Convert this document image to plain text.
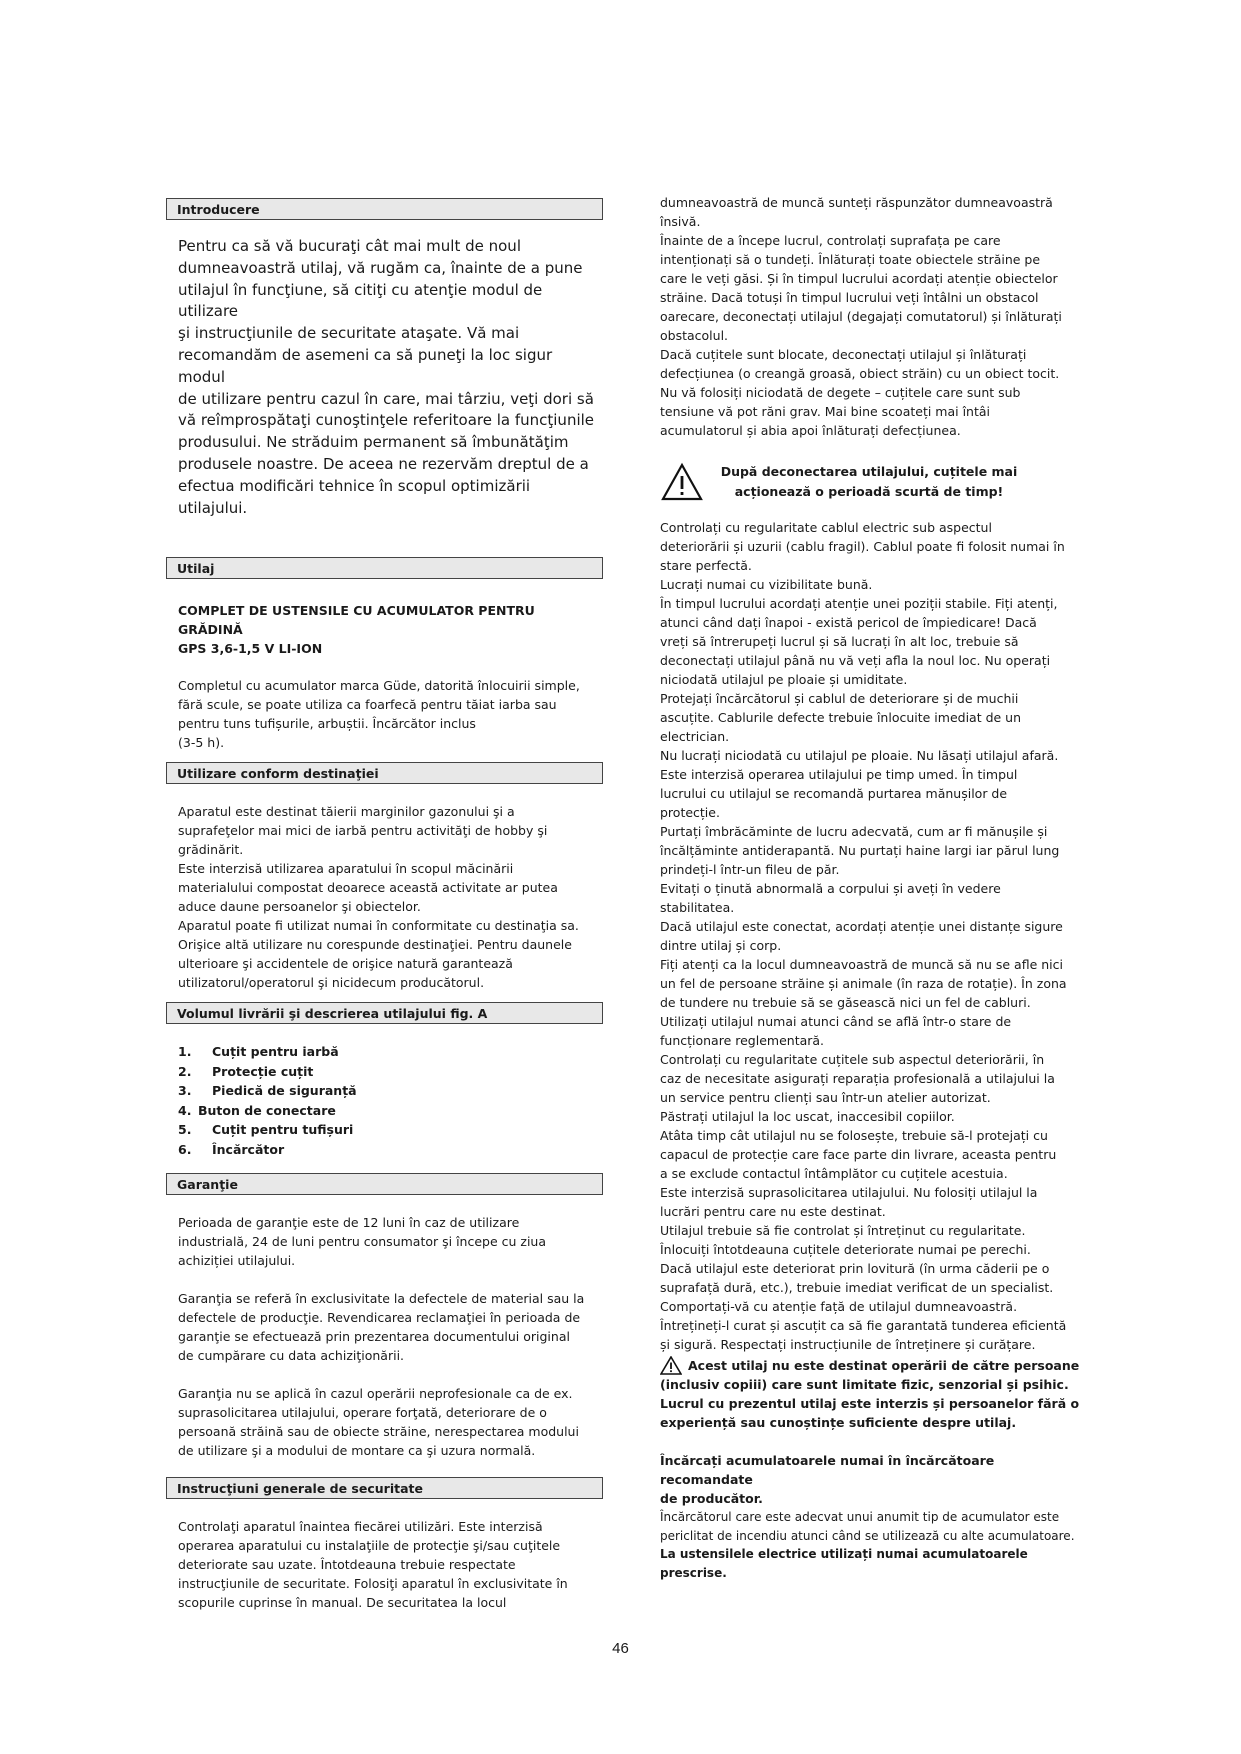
Introducere

Pentru ca să vă bucuraţi cât mai mult de noul
dumneavoastră utilaj, vă rugăm ca, înainte de a pune
utilajul în funcţiune, să citiţi cu atenţie modul de utilizare
şi instrucţiunile de securitate ataşate. Vă mai
recomandăm de asemeni ca să puneţi la loc sigur modul
de utilizare pentru cazul în care, mai târziu, veţi dori să
vă reîmprospătaţi cunoştinţele referitoare la funcţiunile
produsului. Ne străduim permanent să îmbunătăţim
produsele noastre. De aceea ne rezervăm dreptul de a
efectua modificări tehnice în scopul optimizării utilajului.

Utilaj

COMPLET DE USTENSILE CU ACUMULATOR PENTRU GRĂDINĂ
GPS 3,6-1,5 V LI-ION

Completul cu acumulator marca Güde, datorită înlocuirii simple,
fără scule, se poate utiliza ca foarfecă pentru tăiat iarba sau
pentru tuns tufișurile, arbuștii. Încărcător inclus
(3-5 h).

Utilizare conform destinaţiei

Aparatul este destinat tăierii marginilor gazonului şi a
suprafeţelor mai mici de iarbă pentru activităţi de hobby şi
grădinărit.
Este interzisă utilizarea aparatului în scopul măcinării
materialului compostat deoarece această activitate ar putea
aduce daune persoanelor şi obiectelor.
Aparatul poate fi utilizat numai în conformitate cu destinaţia sa.
Orişice altă utilizare nu corespunde destinaţiei. Pentru daunele
ulterioare şi accidentele de orişice natură garantează
utilizatorul/operatorul şi nicidecum producătorul.

Volumul livrării şi descrierea utilajului fig. A
1. Cuțit pentru iarbă
2. Protecție cuțit
3. Piedică de siguranță
4. Buton de conectare
5. Cuțit pentru tufișuri
6. Încărcător
Garanţie

Perioada de garanţie este de 12 luni în caz de utilizare
industrială, 24 de luni pentru consumator şi începe cu ziua
achiziției utilajului.

Garanţia se referă în exclusivitate la defectele de material sau la
defectele de producţie. Revendicarea reclamaţiei în perioada de
garanţie se efectuează prin prezentarea documentului original
de cumpărare cu data achiziţionării.

Garanţia nu se aplică în cazul operării neprofesionale ca de ex.
suprasolicitarea utilajului, operare forţată, deteriorare de o
persoană străină sau de obiecte străine, nerespectarea modului
de utilizare şi a modului de montare ca şi uzura normală.

Instrucţiuni generale de securitate

Controlaţi aparatul înaintea fiecărei utilizări. Este interzisă
operarea aparatului cu instalaţiile de protecţie şi/sau cuţitele
deteriorate sau uzate. Întotdeauna trebuie respectate
instrucţiunile de securitate. Folosiţi aparatul în exclusivitate în
scopurile cuprinse în manual. De securitatea la locul

dumneavoastră de muncă sunteți răspunzător dumneavoastră
însivă.
Înainte de a începe lucrul, controlați suprafața pe care
intenționați să o tundeți. Înlăturați toate obiectele străine pe
care le veți găsi. Și în timpul lucrului acordați atenție obiectelor
străine. Dacă totuși în timpul lucrului veți întâlni un obstacol
oarecare, deconectați utilajul (degajați comutatorul) și înlăturați
obstacolul.
Dacă cuțitele sunt blocate, deconectați utilajul și înlăturați
defecțiunea (o creangă groasă, obiect străin) cu un obiect tocit.
Nu vă folosiți niciodată de degete – cuțitele care sunt sub
tensiune vă pot răni grav. Mai bine scoateți mai întâi
acumulatorul și abia apoi înlăturați defecțiunea.

După deconectarea utilajului, cuțitele mai
acționează o perioadă scurtă de timp!

Controlați cu regularitate cablul electric sub aspectul
deteriorării și uzurii (cablu fragil). Cablul poate fi folosit numai în
stare perfectă.
Lucrați numai cu vizibilitate bună.
În timpul lucrului acordați atenție unei poziții stabile. Fiți atenți,
atunci când dați înapoi - există pericol de împiedicare! Dacă
vreți să întrerupeți lucrul și să lucrați în alt loc, trebuie să
deconectați utilajul până nu vă veți afla la noul loc. Nu operați
niciodată utilajul pe ploaie și umiditate.
Protejați încărcătorul și cablul de deteriorare și de muchii
ascuțite. Cablurile defecte trebuie înlocuite imediat de un
electrician.
Nu lucrați niciodată cu utilajul pe ploaie. Nu lăsați utilajul afară.
Este interzisă operarea utilajului pe timp umed. În timpul
lucrului cu utilajul se recomandă purtarea mănușilor de
protecție.
Purtați îmbrăcăminte de lucru adecvată, cum ar fi mănușile și
încălțăminte antiderapantă. Nu purtați haine largi iar părul lung
prindeți-l într-un fileu de păr.
Evitați o ținută abnormală a corpului și aveți în vedere
stabilitatea.
Dacă utilajul este conectat, acordați atenție unei distanțe sigure
dintre utilaj și corp.
Fiți atenți ca la locul dumneavoastră de muncă să nu se afle nici
un fel de persoane străine și animale (în raza de rotație). În zona
de tundere nu trebuie să se găsească nici un fel de cabluri.
Utilizați utilajul numai atunci când se află într-o stare de
funcționare reglementară.
Controlați cu regularitate cuțitele sub aspectul deteriorării, în
caz de necesitate asigurați reparația profesională a utilajului la
un service pentru clienți sau într-un atelier autorizat.
Păstrați utilajul la loc uscat, inaccesibil copiilor.
Atâta timp cât utilajul nu se folosește, trebuie să-l protejați cu
capacul de protecție care face parte din livrare, aceasta pentru
a se exclude contactul întâmplător cu cuțitele acestuia.
Este interzisă suprasolicitarea utilajului. Nu folosiți utilajul la
lucrări pentru care nu este destinat.
Utilajul trebuie să fie controlat și întreținut cu regularitate.
Înlocuiți întotdeauna cuțitele deteriorate numai pe perechi.
Dacă utilajul este deteriorat prin lovitură (în urma căderii pe o
suprafață dură, etc.), trebuie imediat verificat de un specialist.
Comportați-vă cu atenție față de utilajul dumneavoastră.
Întrețineți-l curat și ascuțit ca să fie garantată tunderea eficientă
și sigură. Respectați instrucțiunile de întreținere și curățare.

Acest utilaj nu este destinat operării de către persoane
(inclusiv copiii) care sunt limitate fizic, senzorial și psihic.
Lucrul cu prezentul utilaj este interzis și persoanelor fără o
experiență sau cunoștințe suficiente despre utilaj.

Încărcați acumulatoarele numai în încărcătoare recomandate
de producător.

Încărcătorul care este adecvat unui anumit tip de acumulator este
periclitat de incendiu atunci când se utilizează cu alte acumulatoare.

La ustensilele electrice utilizați numai acumulatoarele prescrise.

46
